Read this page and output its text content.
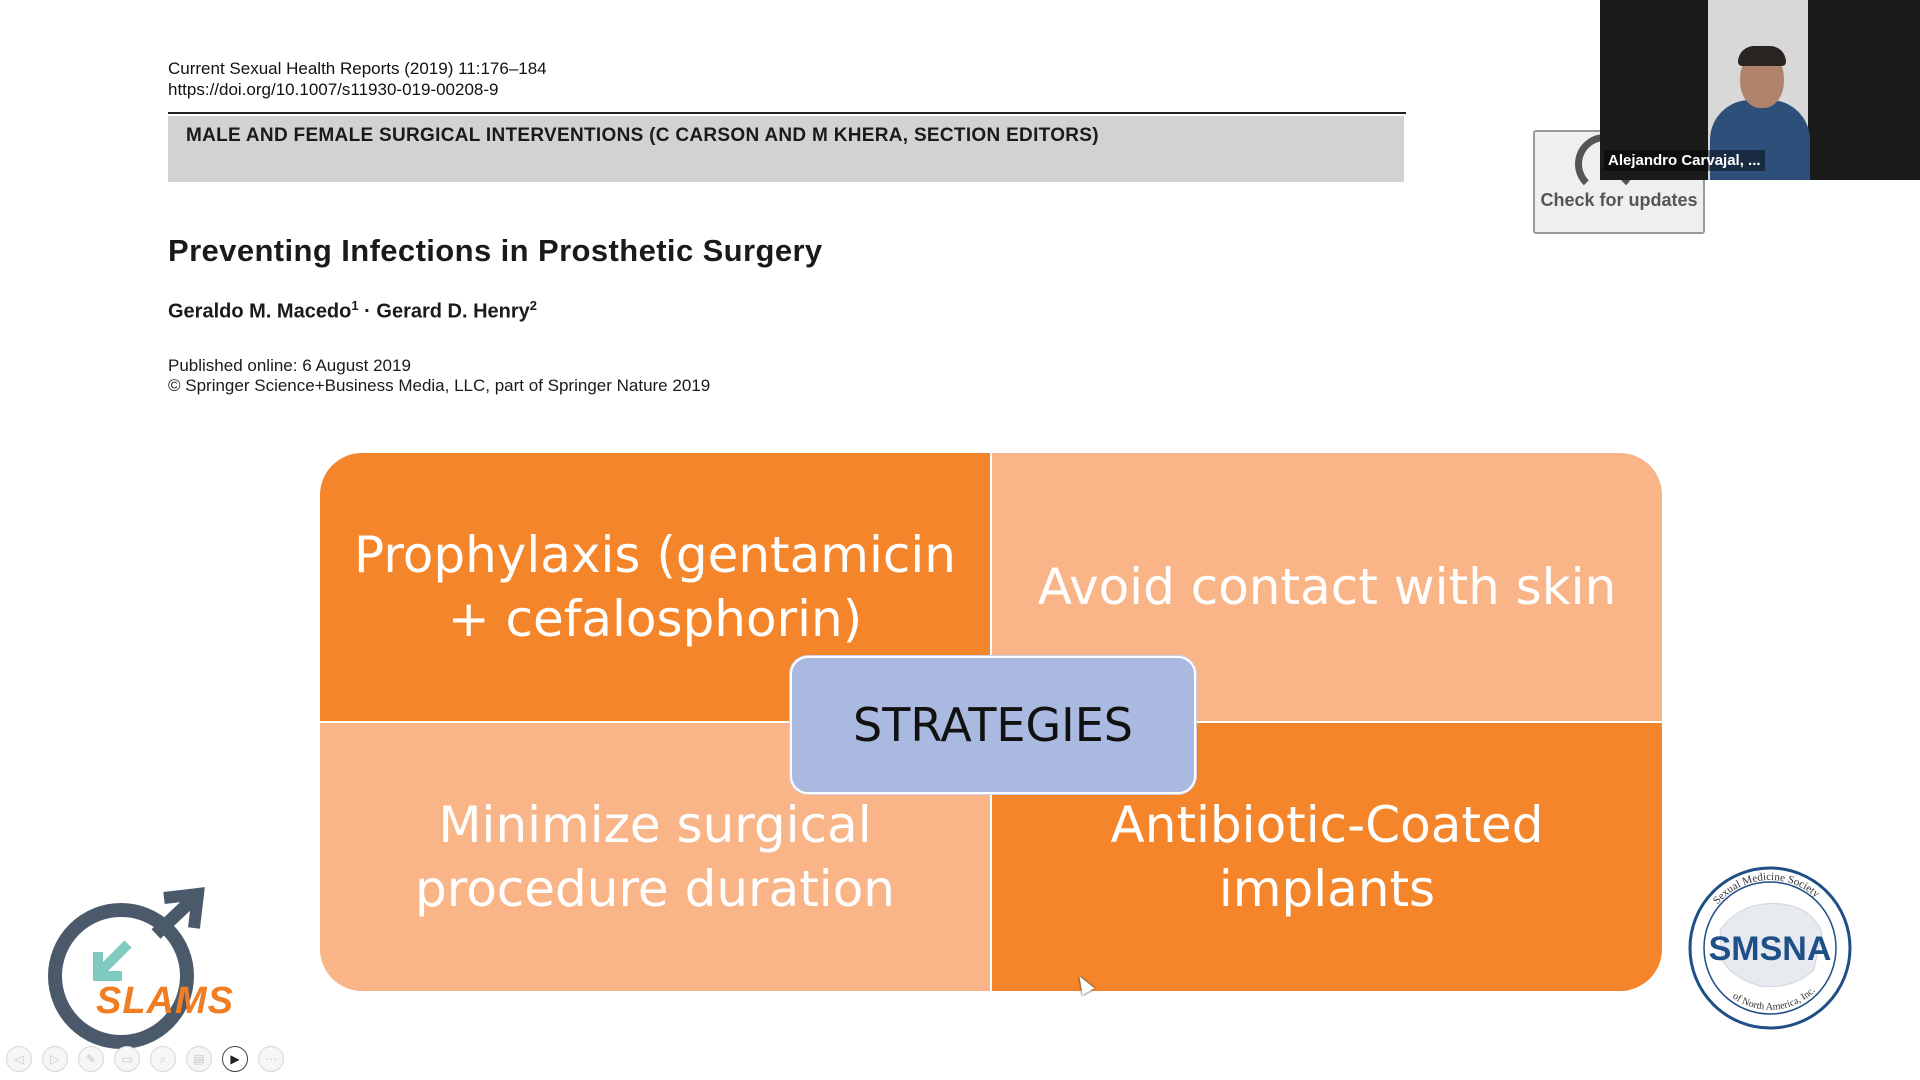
Current Sexual Health Reports (2019) 11:176–184
https://doi.org/10.1007/s11930-019-00208-9
MALE AND FEMALE SURGICAL INTERVENTIONS (C CARSON AND M KHERA, SECTION EDITORS)
Check for updates
Preventing Infections in Prosthetic Surgery
Geraldo M. Macedo$^1$ · Gerard D. Henry$^2$
Published online: 6 August 2019
© Springer Science+Business Media, LLC, part of Springer Nature 2019
Prophylaxis (gentamicin + cefalosphorin)
Avoid contact with skin
Minimize surgical procedure duration
Antibiotic-Coated implants
STRATEGIES
SLAMS
Sexual Medicine Society
of North America, Inc.
SMSNA
Alejandro Carvajal, ...
◁ ▷ ✎ ▭ ⌕ ▤ ▶ ⋯
